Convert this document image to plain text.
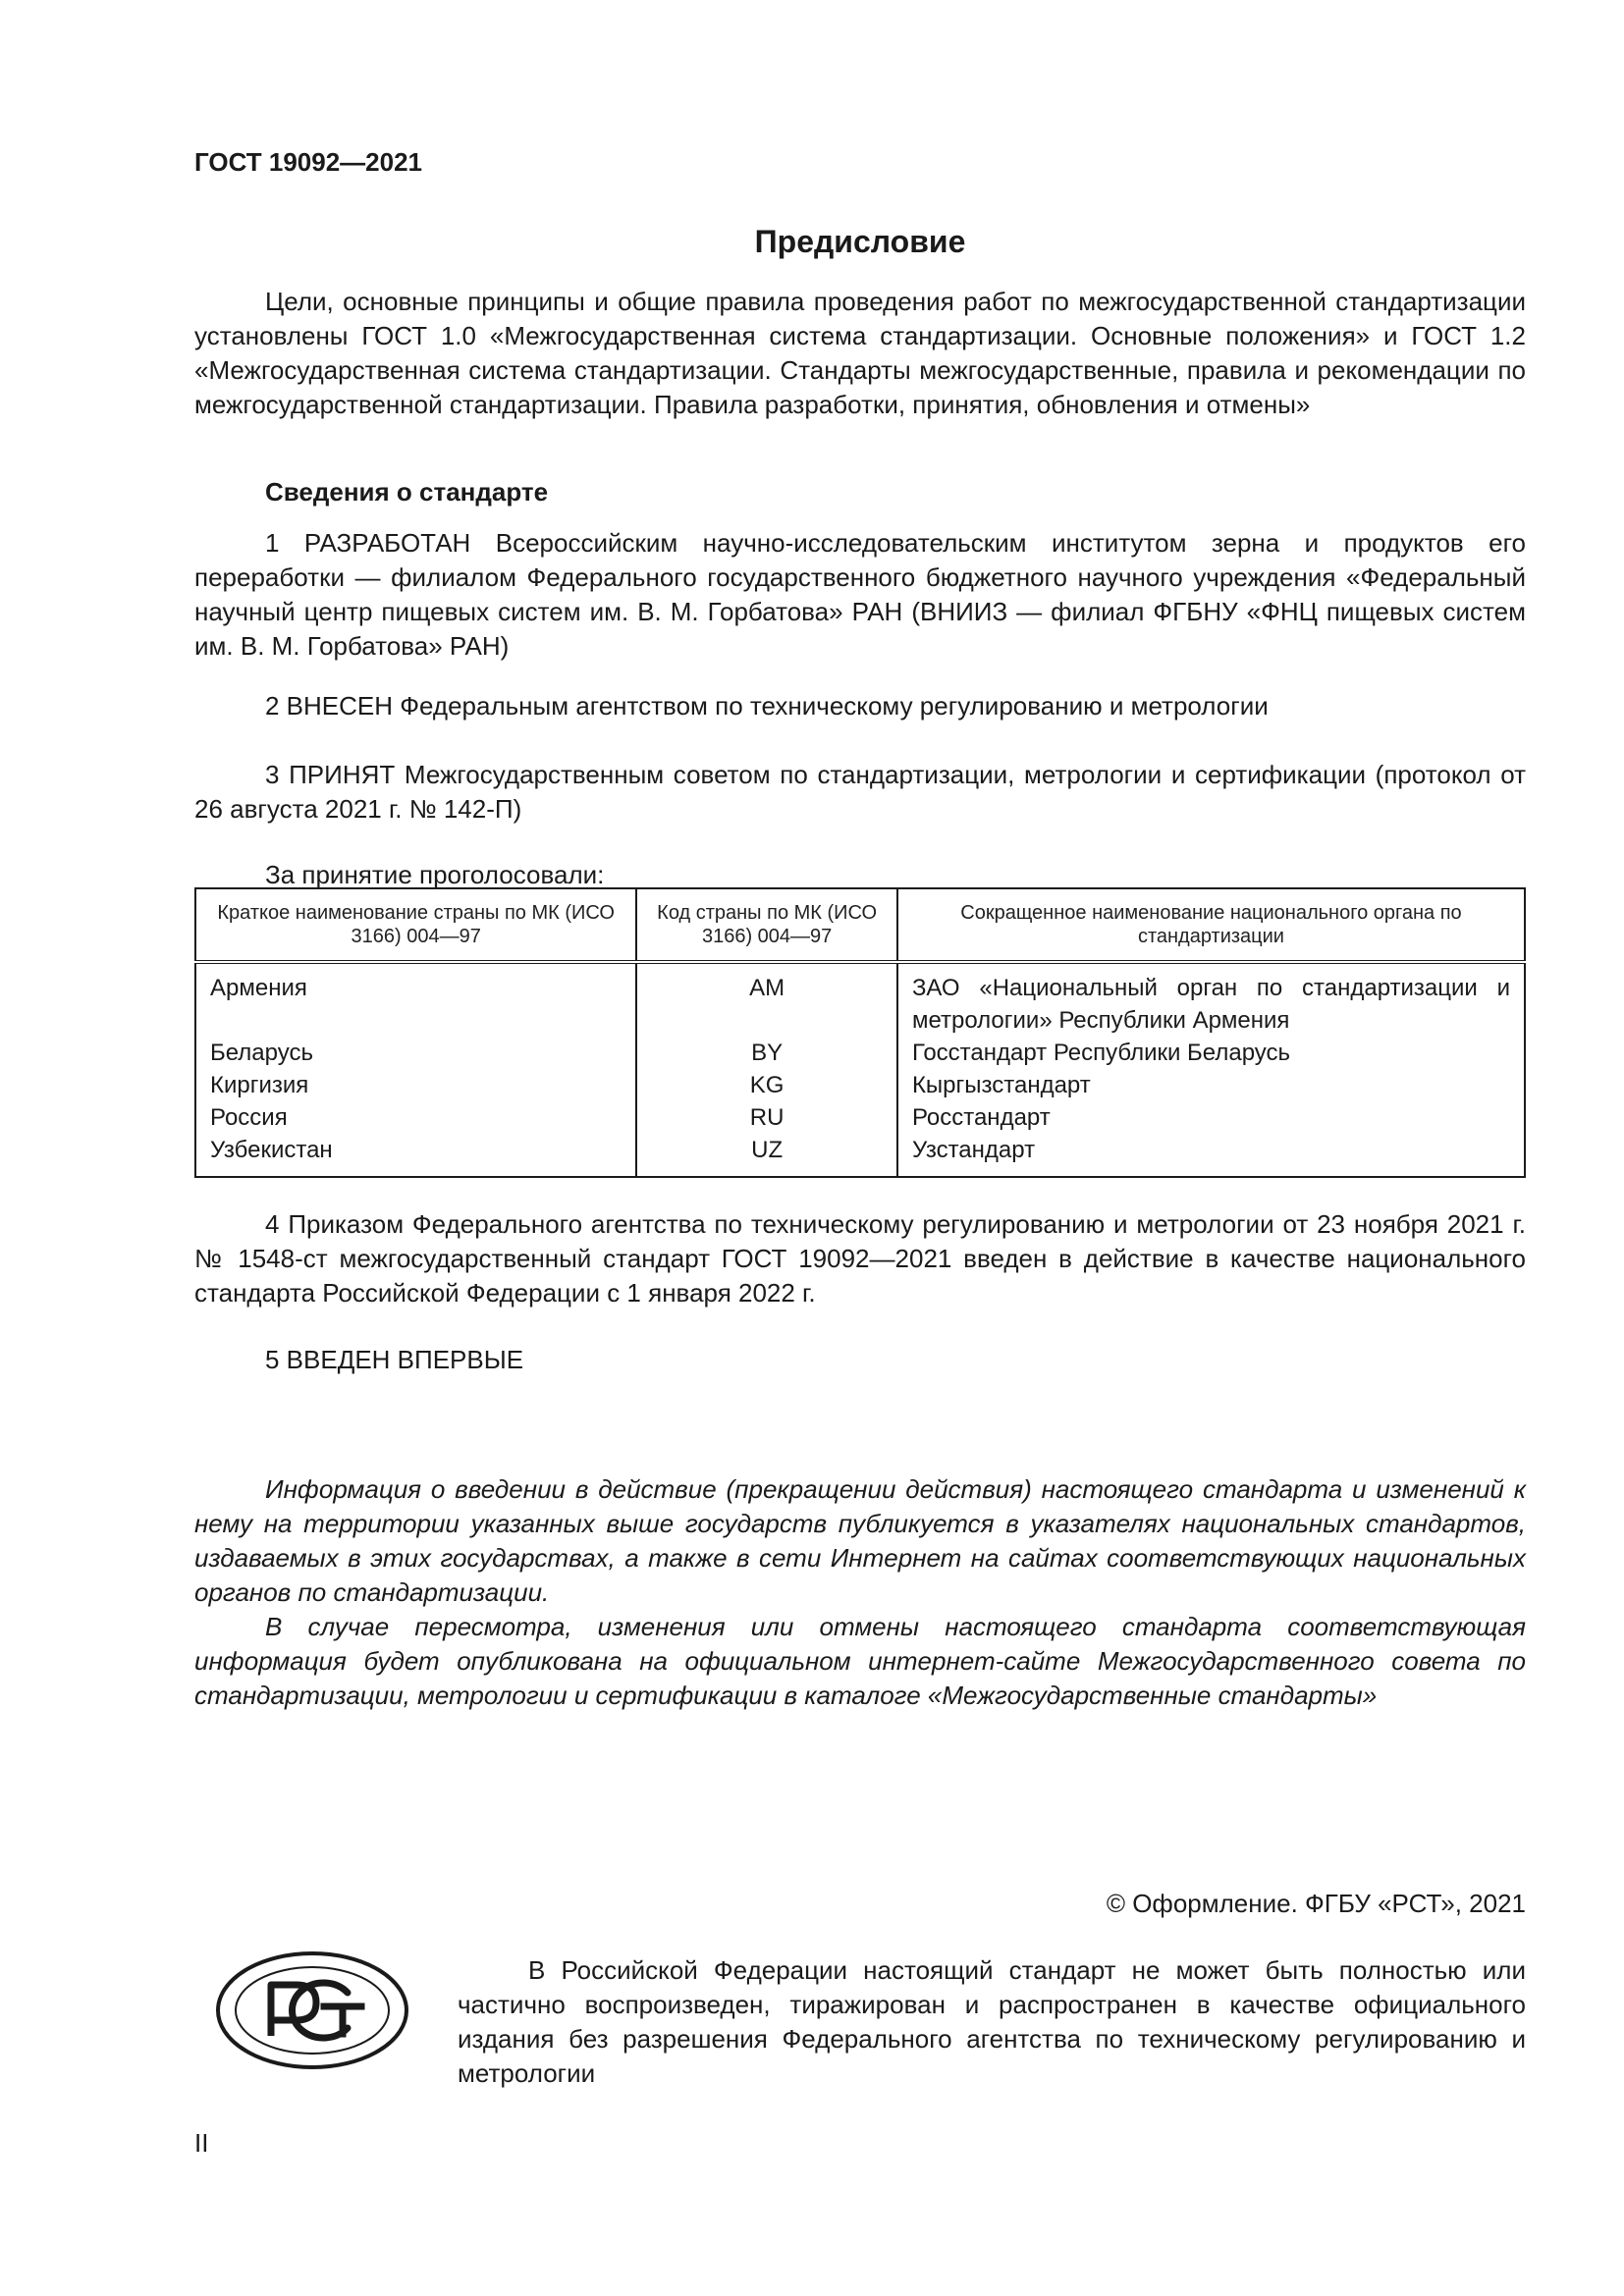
ГОСТ 19092—2021
Предисловие

Цели, основные принципы и общие правила проведения работ по межгосударственной стандартизации установлены ГОСТ 1.0 «Межгосударственная система стандартизации. Основные положения» и ГОСТ 1.2 «Межгосударственная система стандартизации. Стандарты межгосударственные, правила и рекомендации по межгосударственной стандартизации. Правила разработки, принятия, обновления и отмены»

Сведения о стандарте

1 РАЗРАБОТАН Всероссийским научно-исследовательским институтом зерна и продуктов его переработки — филиалом Федерального государственного бюджетного научного учреждения «Федеральный научный центр пищевых систем им. В. М. Горбатова» РАН (ВНИИЗ — филиал ФГБНУ «ФНЦ пищевых систем им. В. М. Горбатова» РАН)

2 ВНЕСЕН Федеральным агентством по техническому регулированию и метрологии

3 ПРИНЯТ Межгосударственным советом по стандартизации, метрологии и сертификации (протокол от 26 августа 2021 г. № 142-П)

За принятие проголосовали:

Краткое наименование страны по МК (ИСО 3166) 004—97	Код страны по МК (ИСО 3166) 004—97	Сокращенное наименование национального органа по стандартизации
Армения	AM	ЗАО «Национальный орган по стандартизации и метрологии» Республики Армения
Беларусь	BY	Госстандарт Республики Беларусь
Киргизия	KG	Кыргызстандарт
Россия	RU	Росстандарт
Узбекистан	UZ	Узстандарт

4 Приказом Федерального агентства по техническому регулированию и метрологии от 23 ноября 2021 г. № 1548-ст межгосударственный стандарт ГОСТ 19092—2021 введен в действие в качестве национального стандарта Российской Федерации с 1 января 2022 г.

5 ВВЕДЕН ВПЕРВЫЕ

Информация о введении в действие (прекращении действия) настоящего стандарта и изменений к нему на территории указанных выше государств публикуется в указателях национальных стандартов, издаваемых в этих государствах, а также в сети Интернет на сайтах соответствующих национальных органов по стандартизации.

В случае пересмотра, изменения или отмены настоящего стандарта соответствующая информация будет опубликована на официальном интернет-сайте Межгосударственного совета по стандартизации, метрологии и сертификации в каталоге «Межгосударственные стандарты»

© Оформление. ФГБУ «РСТ», 2021

В Российской Федерации настоящий стандарт не может быть полностью или частично воспроизведен, тиражирован и распространен в качестве официального издания без разрешения Федерального агентства по техническому регулированию и метрологии

II
